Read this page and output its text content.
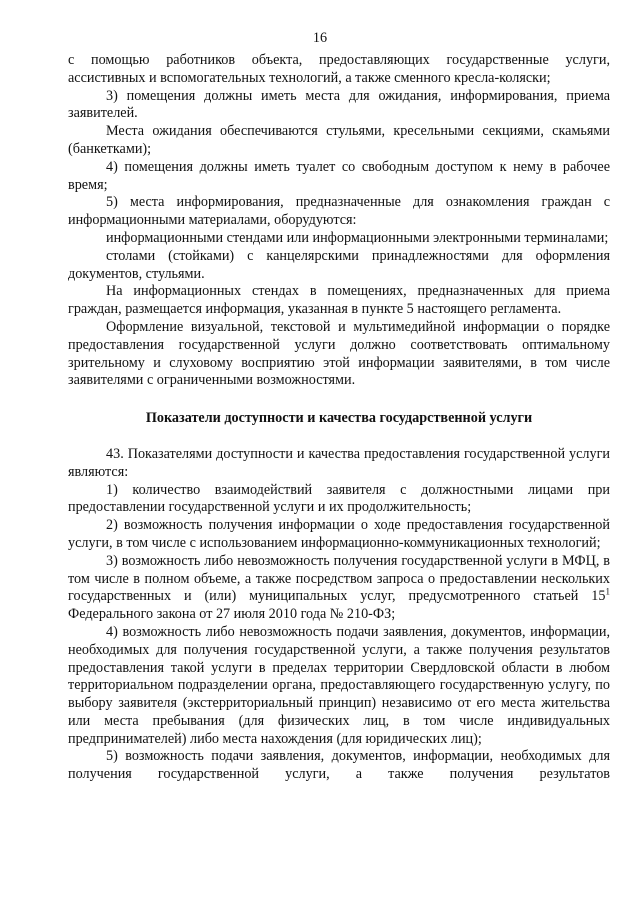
16

с помощью работников объекта, предоставляющих государственные услуги, ассистивных и вспомогательных технологий, а также сменного кресла-коляски;

3) помещения должны иметь места для ожидания, информирования, приема заявителей.

Места ожидания обеспечиваются стульями, кресельными секциями, скамьями (банкетками);

4) помещения должны иметь туалет со свободным доступом к нему в рабочее время;

5) места информирования, предназначенные для ознакомления граждан с информационными материалами, оборудуются:

информационными стендами или информационными электронными терминалами;

столами (стойками) с канцелярскими принадлежностями для оформления документов, стульями.

На информационных стендах в помещениях, предназначенных для приема граждан, размещается информация, указанная в пункте 5 настоящего регламента.

Оформление визуальной, текстовой и мультимедийной информации о порядке предоставления государственной услуги должно соответствовать оптимальному зрительному и слуховому восприятию этой информации заявителями, в том числе заявителями с ограниченными возможностями.

Показатели доступности и качества государственной услуги

43. Показателями доступности и качества предоставления государственной услуги являются:

1) количество взаимодействий заявителя с должностными лицами при предоставлении государственной услуги и их продолжительность;

2) возможность получения информации о ходе предоставления государственной услуги, в том числе с использованием информационно-коммуникационных технологий;

3) возможность либо невозможность получения государственной услуги в МФЦ, в том числе в полном объеме, а также посредством запроса о предоставлении нескольких государственных и (или) муниципальных услуг, предусмотренного статьей $15^1$ Федерального закона от 27 июля 2010 года № 210-ФЗ;

4) возможность либо невозможность подачи заявления, документов, информации, необходимых для получения государственной услуги, а также получения результатов предоставления такой услуги в пределах территории Свердловской области в любом территориальном подразделении органа, предоставляющего государственную услугу, по выбору заявителя (экстерриториальный принцип) независимо от его места жительства или места пребывания (для физических лиц, в том числе индивидуальных предпринимателей) либо места нахождения (для юридических лиц);

5) возможность подачи заявления, документов, информации, необходимых для получения государственной услуги, а также получения результатов
